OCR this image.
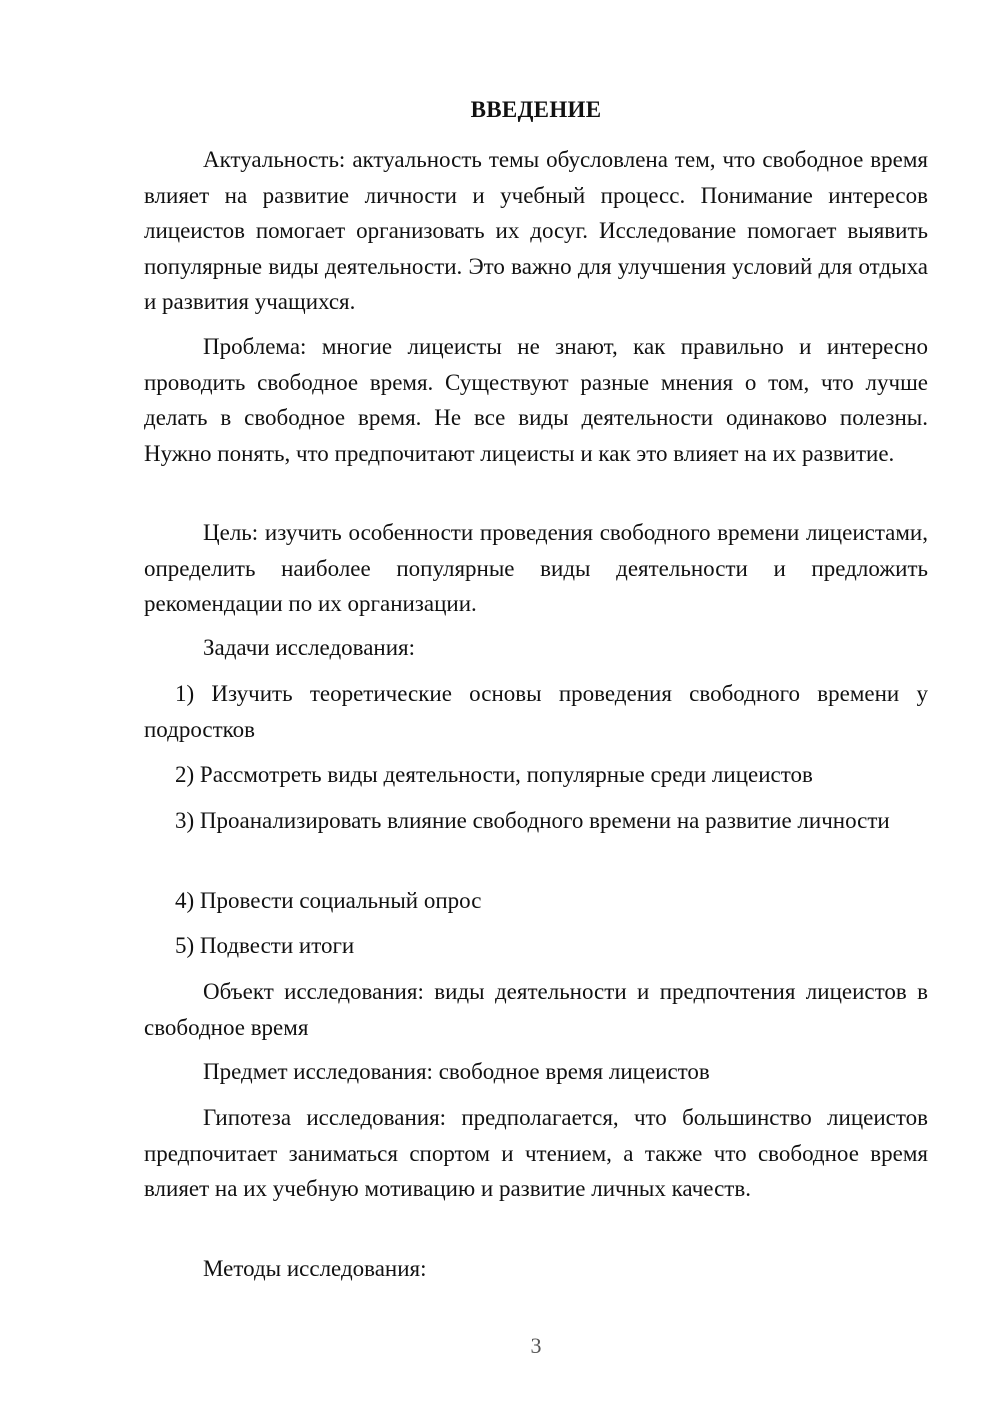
ВВЕДЕНИЕ

Актуальность: актуальность темы обусловлена тем, что свободное время влияет на развитие личности и учебный процесс. Понимание интересов лицеистов помогает организовать их досуг. Исследование помогает выявить популярные виды деятельности. Это важно для улучшения условий для отдыха и развития учащихся.

Проблема: многие лицеисты не знают, как правильно и интересно проводить свободное время. Существуют разные мнения о том, что лучше делать в свободное время. Не все виды деятельности одинаково полезны. Нужно понять, что предпочитают лицеисты и как это влияет на их развитие.

Цель: изучить особенности проведения свободного времени лицеистами, определить наиболее популярные виды деятельности и предложить рекомендации по их организации.

Задачи исследования:

1) Изучить теоретические основы проведения свободного времени у подростков

2) Рассмотреть виды деятельности, популярные среди лицеистов

3) Проанализировать влияние свободного времени на развитие личности

4) Провести социальный опрос

5) Подвести итоги

Объект исследования: виды деятельности и предпочтения лицеистов в свободное время

Предмет исследования: свободное время лицеистов

Гипотеза исследования: предполагается, что большинство лицеистов предпочитает заниматься спортом и чтением, а также что свободное время влияет на их учебную мотивацию и развитие личных качеств.

Методы исследования:

3
